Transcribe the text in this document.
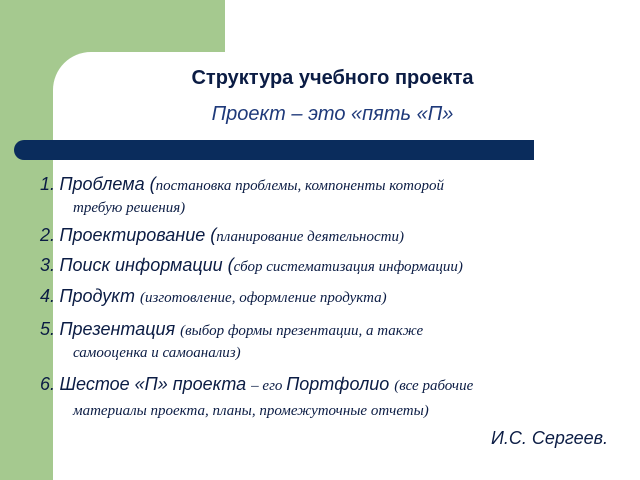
Структура учебного проекта
Проект – это «пять «П»
1. Проблема (постановка проблемы, компоненты которой
требую решения)
2. Проектирование (планирование деятельности)
3. Поиск информации (сбор систематизация информации)
4. Продукт (изготовление, оформление продукта)
5. Презентация (выбор формы презентации, а также
самооценка и самоанализ)
6. Шестое «П» проекта – его Портфолио (все рабочие
материалы проекта, планы, промежуточные отчеты)
И.С. Сергеев.
